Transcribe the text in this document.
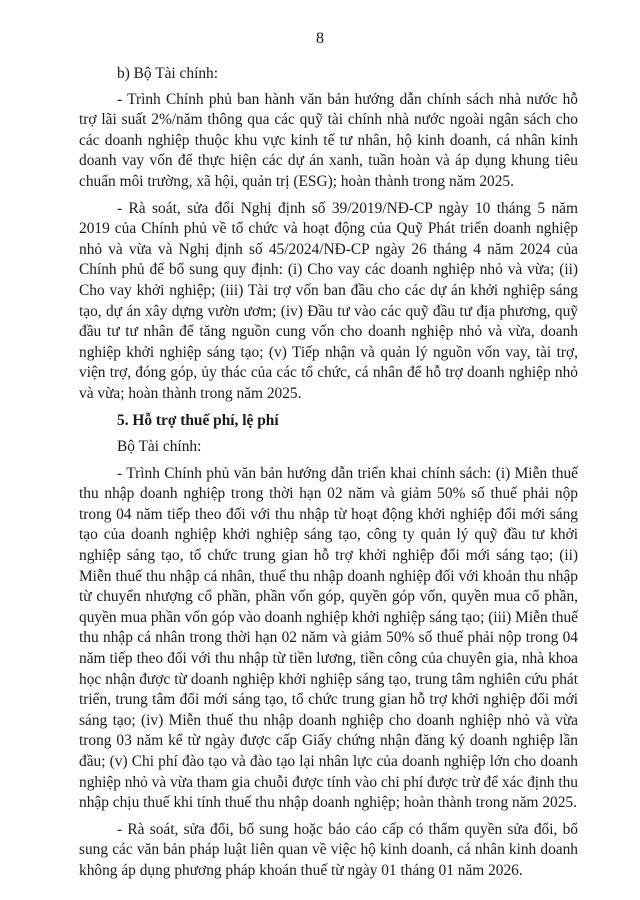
8

b) Bộ Tài chính:

- Trình Chính phủ ban hành văn bản hướng dẫn chính sách nhà nước hỗ trợ lãi suất 2%/năm thông qua các quỹ tài chính nhà nước ngoài ngân sách cho các doanh nghiệp thuộc khu vực kinh tế tư nhân, hộ kinh doanh, cá nhân kinh doanh vay vốn để thực hiện các dự án xanh, tuần hoàn và áp dụng khung tiêu chuẩn môi trường, xã hội, quản trị (ESG); hoàn thành trong năm 2025.

- Rà soát, sửa đổi Nghị định số 39/2019/NĐ-CP ngày 10 tháng 5 năm 2019 của Chính phủ về tổ chức và hoạt động của Quỹ Phát triển doanh nghiệp nhỏ và vừa và Nghị định số 45/2024/NĐ-CP ngày 26 tháng 4 năm 2024 của Chính phủ để bổ sung quy định: (i) Cho vay các doanh nghiệp nhỏ và vừa; (ii) Cho vay khởi nghiệp; (iii) Tài trợ vốn ban đầu cho các dự án khởi nghiệp sáng tạo, dự án xây dựng vườn ươm; (iv) Đầu tư vào các quỹ đầu tư địa phương, quỹ đầu tư tư nhân để tăng nguồn cung vốn cho doanh nghiệp nhỏ và vừa, doanh nghiệp khởi nghiệp sáng tạo; (v) Tiếp nhận và quản lý nguồn vốn vay, tài trợ, viện trợ, đóng góp, ủy thác của các tổ chức, cá nhân để hỗ trợ doanh nghiệp nhỏ và vừa; hoàn thành trong năm 2025.

5. Hỗ trợ thuế phí, lệ phí

Bộ Tài chính:

- Trình Chính phủ văn bản hướng dẫn triển khai chính sách: (i) Miễn thuế thu nhập doanh nghiệp trong thời hạn 02 năm và giảm 50% số thuế phải nộp trong 04 năm tiếp theo đối với thu nhập từ hoạt động khởi nghiệp đổi mới sáng tạo của doanh nghiệp khởi nghiệp sáng tạo, công ty quản lý quỹ đầu tư khởi nghiệp sáng tạo, tổ chức trung gian hỗ trợ khởi nghiệp đổi mới sáng tạo; (ii) Miễn thuế thu nhập cá nhân, thuế thu nhập doanh nghiệp đối với khoản thu nhập từ chuyển nhượng cổ phần, phần vốn góp, quyền góp vốn, quyền mua cổ phần, quyền mua phần vốn góp vào doanh nghiệp khởi nghiệp sáng tạo; (iii) Miễn thuế thu nhập cá nhân trong thời hạn 02 năm và giảm 50% số thuế phải nộp trong 04 năm tiếp theo đối với thu nhập từ tiền lương, tiền công của chuyên gia, nhà khoa học nhận được từ doanh nghiệp khởi nghiệp sáng tạo, trung tâm nghiên cứu phát triển, trung tâm đổi mới sáng tạo, tổ chức trung gian hỗ trợ khởi nghiệp đổi mới sáng tạo; (iv) Miễn thuế thu nhập doanh nghiệp cho doanh nghiệp nhỏ và vừa trong 03 năm kể từ ngày được cấp Giấy chứng nhận đăng ký doanh nghiệp lần đầu; (v) Chi phí đào tạo và đào tạo lại nhân lực của doanh nghiệp lớn cho doanh nghiệp nhỏ và vừa tham gia chuỗi được tính vào chi phí được trừ để xác định thu nhập chịu thuế khi tính thuế thu nhập doanh nghiệp; hoàn thành trong năm 2025.

- Rà soát, sửa đổi, bổ sung hoặc báo cáo cấp có thẩm quyền sửa đổi, bổ sung các văn bản pháp luật liên quan về việc hộ kinh doanh, cá nhân kinh doanh không áp dụng phương pháp khoán thuế từ ngày 01 tháng 01 năm 2026.
